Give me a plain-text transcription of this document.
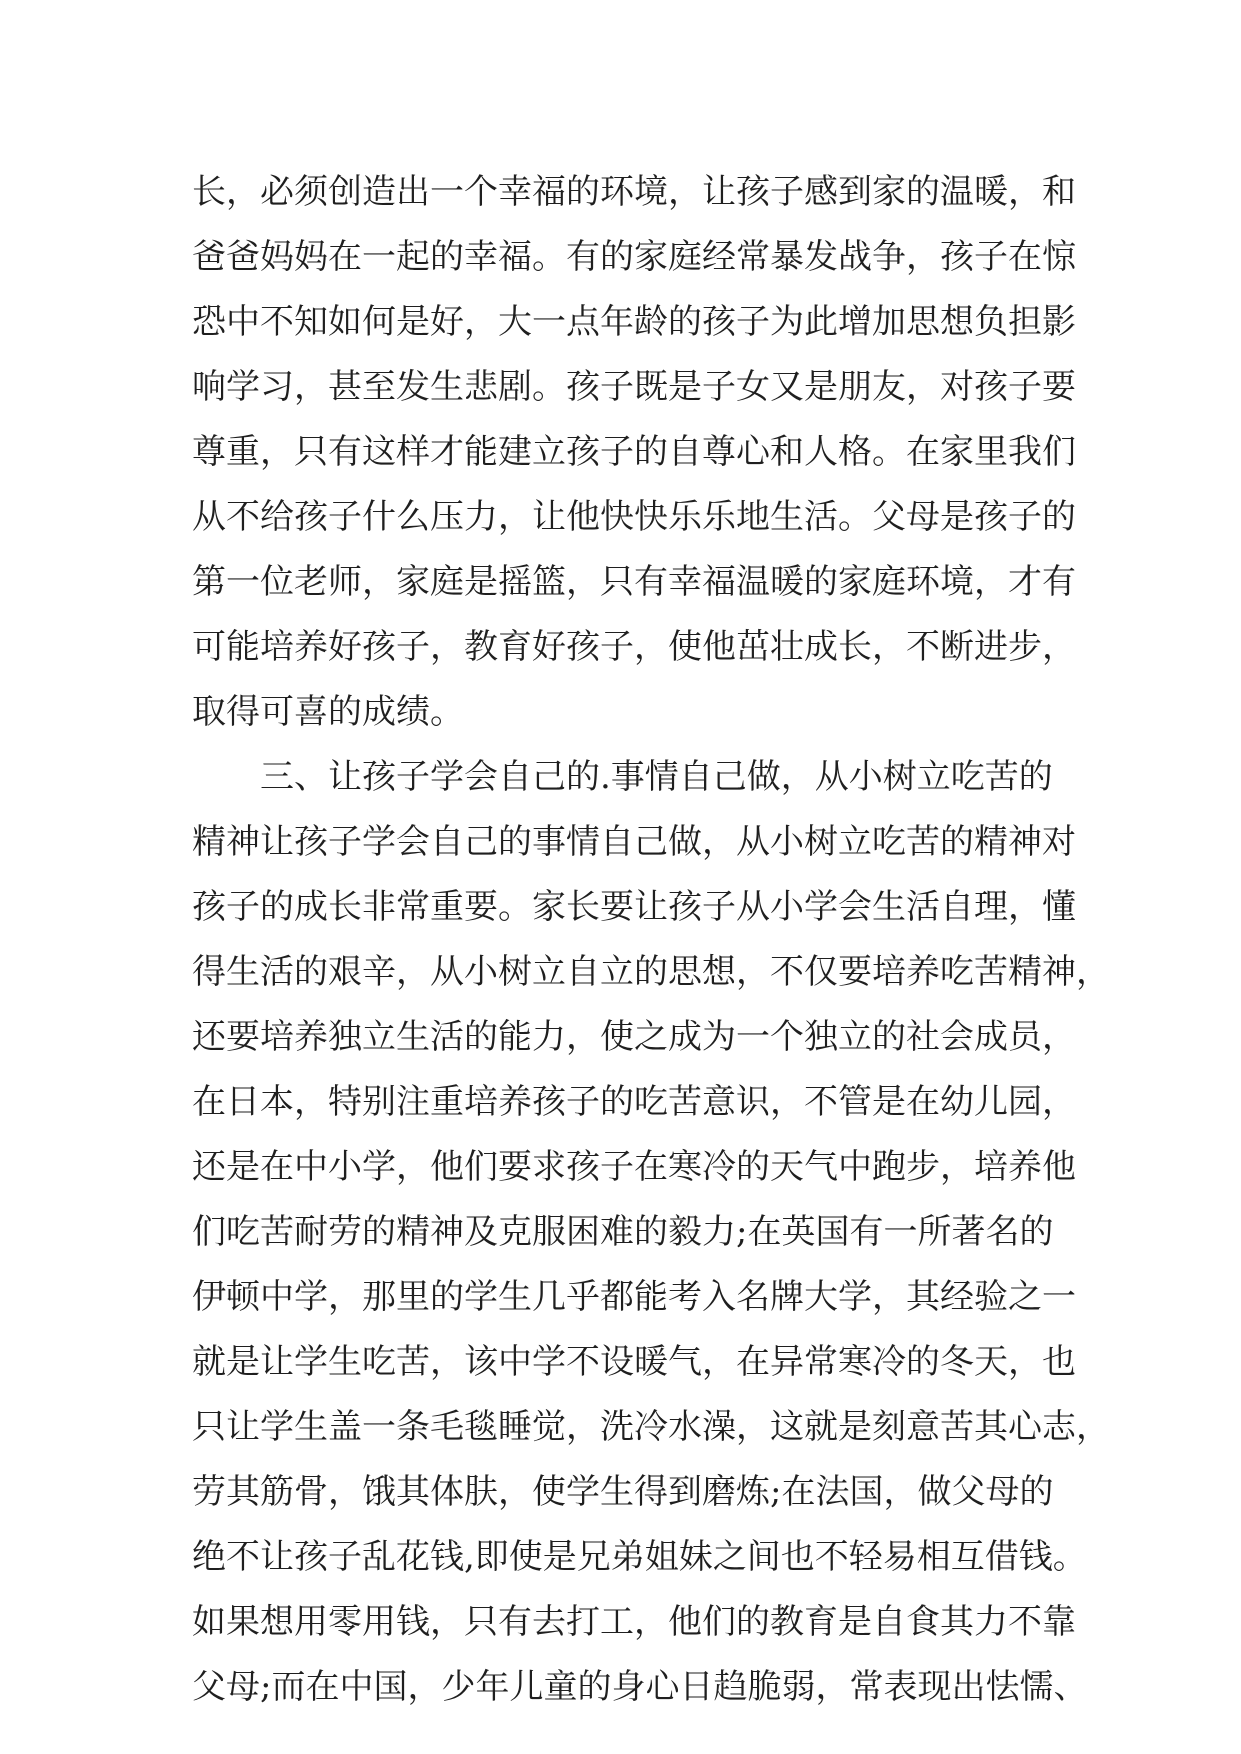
长，必须创造出一个幸福的环境，让孩子感到家的温暖，和
爸爸妈妈在一起的幸福。有的家庭经常暴发战争，孩子在惊
恐中不知如何是好，大一点年龄的孩子为此增加思想负担影
响学习，甚至发生悲剧。孩子既是子女又是朋友，对孩子要
尊重，只有这样才能建立孩子的自尊心和人格。在家里我们
从不给孩子什么压力，让他快快乐乐地生活。父母是孩子的
第一位老师，家庭是摇篮，只有幸福温暖的家庭环境，才有
可能培养好孩子，教育好孩子，使他茁壮成长，不断进步，
取得可喜的成绩。
　　三、让孩子学会自己的.事情自己做，从小树立吃苦的
精神让孩子学会自己的事情自己做，从小树立吃苦的精神对
孩子的成长非常重要。家长要让孩子从小学会生活自理，懂
得生活的艰辛，从小树立自立的思想，不仅要培养吃苦精神，
还要培养独立生活的能力，使之成为一个独立的社会成员，
在日本，特别注重培养孩子的吃苦意识，不管是在幼儿园，
还是在中小学，他们要求孩子在寒冷的天气中跑步，培养他
们吃苦耐劳的精神及克服困难的毅力;在英国有一所著名的
伊顿中学，那里的学生几乎都能考入名牌大学，其经验之一
就是让学生吃苦，该中学不设暖气，在异常寒冷的冬天，也
只让学生盖一条毛毯睡觉，洗冷水澡，这就是刻意苦其心志，
劳其筋骨，饿其体肤，使学生得到磨炼;在法国，做父母的
绝不让孩子乱花钱,即使是兄弟姐妹之间也不轻易相互借钱。
如果想用零用钱，只有去打工，他们的教育是自食其力不靠
父母;而在中国，少年儿童的身心日趋脆弱，常表现出怯懦、
